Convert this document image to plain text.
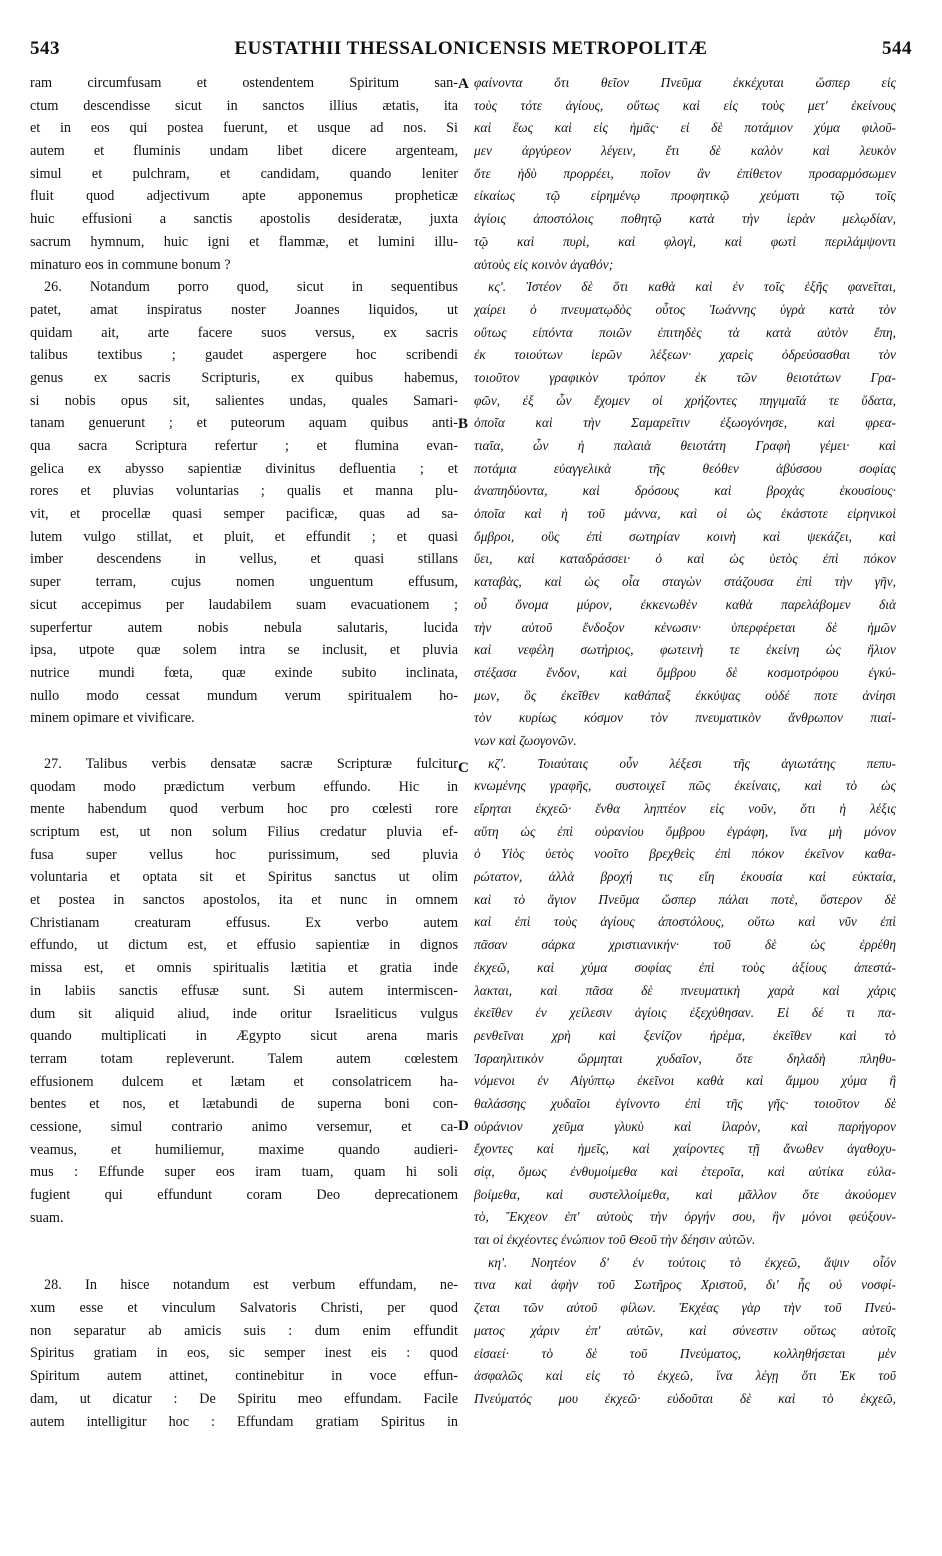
543	EUSTATHII THESSALONICENSIS METROPOLITÆ	544
ram circumfusam et ostendentem Spiritum san-
ctum descendisse sicut in sanctos illius ætatis, ita
et in eos qui postea fuerunt, et usque ad nos. Si
autem et fluminis undam libet dicere argenteam,
simul et pulchram, et candidam, quando leniter
fluit quod adjectivum apte apponemus propheticæ
huic effusioni a sanctis apostolis desideratæ, juxta
sacrum hymnum, huic igni et flammæ, et lumini illu-
minaturo eos in commune bonum ?
26. Notandum porro quod, sicut in sequentibus
patet, amat inspiratus noster Joannes liquidos, ut
quidam ait, arte facere suos versus, ex sacris
talibus textibus ; gaudet aspergere hoc scribendi
genus ex sacris Scripturis, ex quibus habemus,
si nobis opus sit, salientes undas, quales Samari-
tanam genuerunt ; et puteorum aquam quibus anti-
qua sacra Scriptura refertur ; et flumina evan-
gelica ex abysso sapientiæ divinitus defluentia ; et
rores et pluvias voluntarias ; qualis et manna plu-
vit, et procellæ quasi semper pacificæ, quas ad sa-
lutem vulgo stillat, et pluit, et effundit ; et quasi
imber descendens in vellus, et quasi stillans
super terram, cujus nomen unguentum effusum,
sicut accepimus per laudabilem suam evacuationem ;
superfertur autem nobis nebula salutaris, lucida
ipsa, utpote quæ solem intra se inclusit, et pluvia
nutrice mundi fœta, quæ exinde subito inclinata,
nullo modo cessat mundum verum spiritualem ho-
minem opimare et vivificare.
27. Talibus verbis densatæ sacræ Scripturæ fulcitur
quodam modo prædictum verbum effundo. Hic in
mente habendum quod verbum hoc pro cœlesti rore
scriptum est, ut non solum Filius credatur pluvia ef-
fusa super vellus hoc purissimum, sed pluvia
voluntaria et optata sit et Spiritus sanctus ut olim
et postea in sanctos apostolos, ita et nunc in omnem
Christianam creaturam effusus. Ex verbo autem
effundo, ut dictum est, et effusio sapientiæ in dignos
missa est, et omnis spiritualis lætitia et gratia inde
in labiis sanctis effusæ sunt. Si autem intermiscen-
dum sit aliquid aliud, inde oritur Israeliticus vulgus
quando multiplicati in Ægypto sicut arena maris
terram totam repleverunt. Talem autem cœlestem
effusionem dulcem et lætam et consolatricem ha-
bentes et nos, et lætabundi de superna boni con-
cessione, simul contrario animo versemur, et ca-
veamus, et humiliemur, maxime quando audieri-
mus : Effunde super eos iram tuam, quam hi soli
fugient qui effundunt coram Deo deprecationem
suam.
28. In hisce notandum est verbum effundam, ne-
xum esse et vinculum Salvatoris Christi, per quod
non separatur ab amicis suis : dum enim effundit
Spiritus gratiam in eos, sic semper inest eis : quod
Spiritum autem attinet, continebitur in voce effun-
dam, ut dicatur : De Spiritu meo effundam. Facile
autem intelligitur hoc : Effundam gratiam Spiritus in
A
B
C
D
φαίνοντα ὅτι θεῖον Πνεῦμα ἐκκέχυται ὥσπερ εἰς
τοὺς τότε ἁγίους, οὕτως καὶ εἰς τοὺς μετ' ἐκείνους
καὶ ἕως καὶ εἰς ἡμᾶς· εἰ δὲ ποτάμιον χύμα φιλοῦ-
μεν ἀργύρεον λέγειν, ἔτι δὲ καλὸν καὶ λευκὸν
ὅτε ἡδὺ προρρέει, ποῖον ἂν ἐπίθετον προσαρμόσωμεν
εἰκαίως τῷ εἰρημένῳ προφητικῷ χεύματι τῷ τοῖς
ἁγίοις ἀποστόλοις ποθητῷ κατὰ τὴν ἱερὰν μελῳδίαν,
τῷ καὶ πυρὶ, καὶ φλογὶ, καὶ φωτὶ περιλάμψοντι
αὐτοὺς εἰς κοινὸν ἀγαθόν;
κς'. Ἰστέον δὲ ὅτι καθὰ καὶ ἐν τοῖς ἑξῆς φανεῖται,
χαίρει ὁ πνευματῳδὸς οὗτος Ἰωάννης ὑγρὰ κατὰ τὸν
οὕτως εἰπόντα ποιῶν ἐπιτηδὲς τὰ κατὰ αὐτὸν ἔπη,
ἐκ τοιούτων ἱερῶν λέξεων· χαρεὶς ὀδρεύσασθαι τὸν
τοιοῦτον γραφικὸν τρόπον ἐκ τῶν θειοτάτων Γρα-
φῶν, ἐξ ὧν ἔχομεν οἱ χρήζοντες πηγιμαῖά τε ὕδατα,
ὁποῖα καὶ τὴν Σαμαρεῖτιν ἐξωογόνησε, καὶ φρεα-
τιαῖα, ὧν ἡ παλαιὰ θειοτάτη Γραφὴ γέμει· καὶ
ποτάμια εὐαγγελικὰ τῆς θεόθεν ἀβύσσου σοφίας
ἀναπηδύοντα, καὶ δρόσους καὶ βροχὰς ἑκουσίους·
ὁποῖα καὶ ἡ τοῦ μάννα, καὶ οἱ ὡς ἑκάστοτε εἰρηνικοὶ
ὄμβροι, οὓς ἐπὶ σωτηρίαν κοινὴ καὶ ψεκάζει, καὶ
ὕει, καὶ καταδράσσει· ὁ καὶ ὡς ὑετὸς ἐπὶ πόκον
καταβὰς, καὶ ὡς οἷα σταγὼν στάζουσα ἐπὶ τὴν γῆν,
οὗ ὄνομα μύρον, ἐκκενωθὲν καθὰ παρελάβομεν διὰ
τὴν αὐτοῦ ἔνδοξον κένωσιν· ὑπερφέρεται δὲ ἡμῶν
καὶ νεφέλη σωτήριος, φωτεινὴ τε ἐκείνη ὡς ἥλιον
στέξασα ἔνδον, καὶ ὄμβρου δὲ κοσμοτρόφου ἐγκύ-
μων, ὃς ἐκεῖθεν καθάπαξ ἐκκύψας οὐδέ ποτε ἀνίησι
τὸν κυρίως κόσμον τὸν πνευματικὸν ἄνθρωπον πιαί-
νων καὶ ζωογονῶν.
κζ'. Τοιαύταις οὖν λέξεσι τῆς ἁγιωτάτης πεπυ-
κνωμένης γραφῆς, συστοιχεῖ πῶς ἐκείναις, καὶ τὸ ὡς
εἴρηται ἐκχεῶ· ἔνθα ληπτέον εἰς νοῦν, ὅτι ἡ λέξις
αὕτη ὡς ἐπὶ οὐρανίου ὄμβρου ἐγράφη, ἵνα μὴ μόνον
ὁ Υἱὸς ὑετὸς νοοῖτο βρεχθεὶς ἐπὶ πόκον ἐκεῖνον καθα-
ρώτατον, ἀλλὰ βροχή τις εἴη ἑκουσία καὶ εὐκταία,
καὶ τὸ ἅγιον Πνεῦμα ὥσπερ πάλαι ποτὲ, ὕστερον δὲ
καὶ ἐπὶ τοὺς ἁγίους ἀποστόλους, οὕτω καὶ νῦν ἐπὶ
πᾶσαν σάρκα χριστιανικήν· τοῦ δὲ ὡς ἐρρέθη
ἐκχεῶ, καὶ χύμα σοφίας ἐπὶ τοὺς ἀξίους ἀπεστά-
λακται, καὶ πᾶσα δὲ πνευματικὴ χαρὰ καὶ χάρις
ἐκεῖθεν ἐν χείλεσιν ἁγίοις ἐξεχύθησαν. Εἰ δέ τι πα-
ρενθεῖναι χρὴ καὶ ξενίζον ἠρέμα, ἐκεῖθεν καὶ τὸ
Ἰσραηλιτικὸν ὥρμηται χυδαῖον, ὅτε δηλαδὴ πληθυ-
νόμενοι ἐν Αἰγύπτῳ ἐκεῖνοι καθὰ καὶ ἄμμου χύμα ἢ
θαλάσσης χυδαῖοι ἐγίνοντο ἐπὶ τῆς γῆς· τοιοῦτον δὲ
οὐράνιον χεῦμα γλυκὺ καὶ ἱλαρὸν, καὶ παρήγορον
ἔχοντες καὶ ἡμεῖς, καὶ χαίροντες τῇ ἄνωθεν ἀγαθοχυ-
σίᾳ, ὅμως ἐνθυμοίμεθα καὶ ἑτεροῖα, καὶ αὐτίκα εὐλα-
βοίμεθα, καὶ συστελλοίμεθα, καὶ μᾶλλον ὅτε ἀκούομεν
τὸ, Ἔκχεον ἐπ' αὐτοὺς τὴν ὀργήν σου, ἣν μόνοι φεύξουν-
ται οἱ ἐκχέοντες ἐνώπιον τοῦ Θεοῦ τὴν δέησιν αὐτῶν.
κη'. Νοητέον δ' ἐν τούτοις τὸ ἐκχεῶ, ἅψιν οἷόν
τινα καὶ ἀφὴν τοῦ Σωτῆρος Χριστοῦ, δι' ἧς οὐ νοσφί-
ζεται τῶν αὐτοῦ φίλων. Ἐκχέας γὰρ τὴν τοῦ Πνεύ-
ματος χάριν ἐπ' αὐτῶν, καὶ σύνεστιν οὕτως αὐτοῖς
εἰσαεί· τὸ δὲ τοῦ Πνεύματος, κολληθήσεται μὲν
ἀσφαλῶς καὶ εἰς τὸ ἐκχεῶ, ἵνα λέγῃ ὅτι Ἐκ τοῦ
Πνεύματός μου ἐκχεῶ· εὐδοῦται δὲ καὶ τὸ ἐκχεῶ,
